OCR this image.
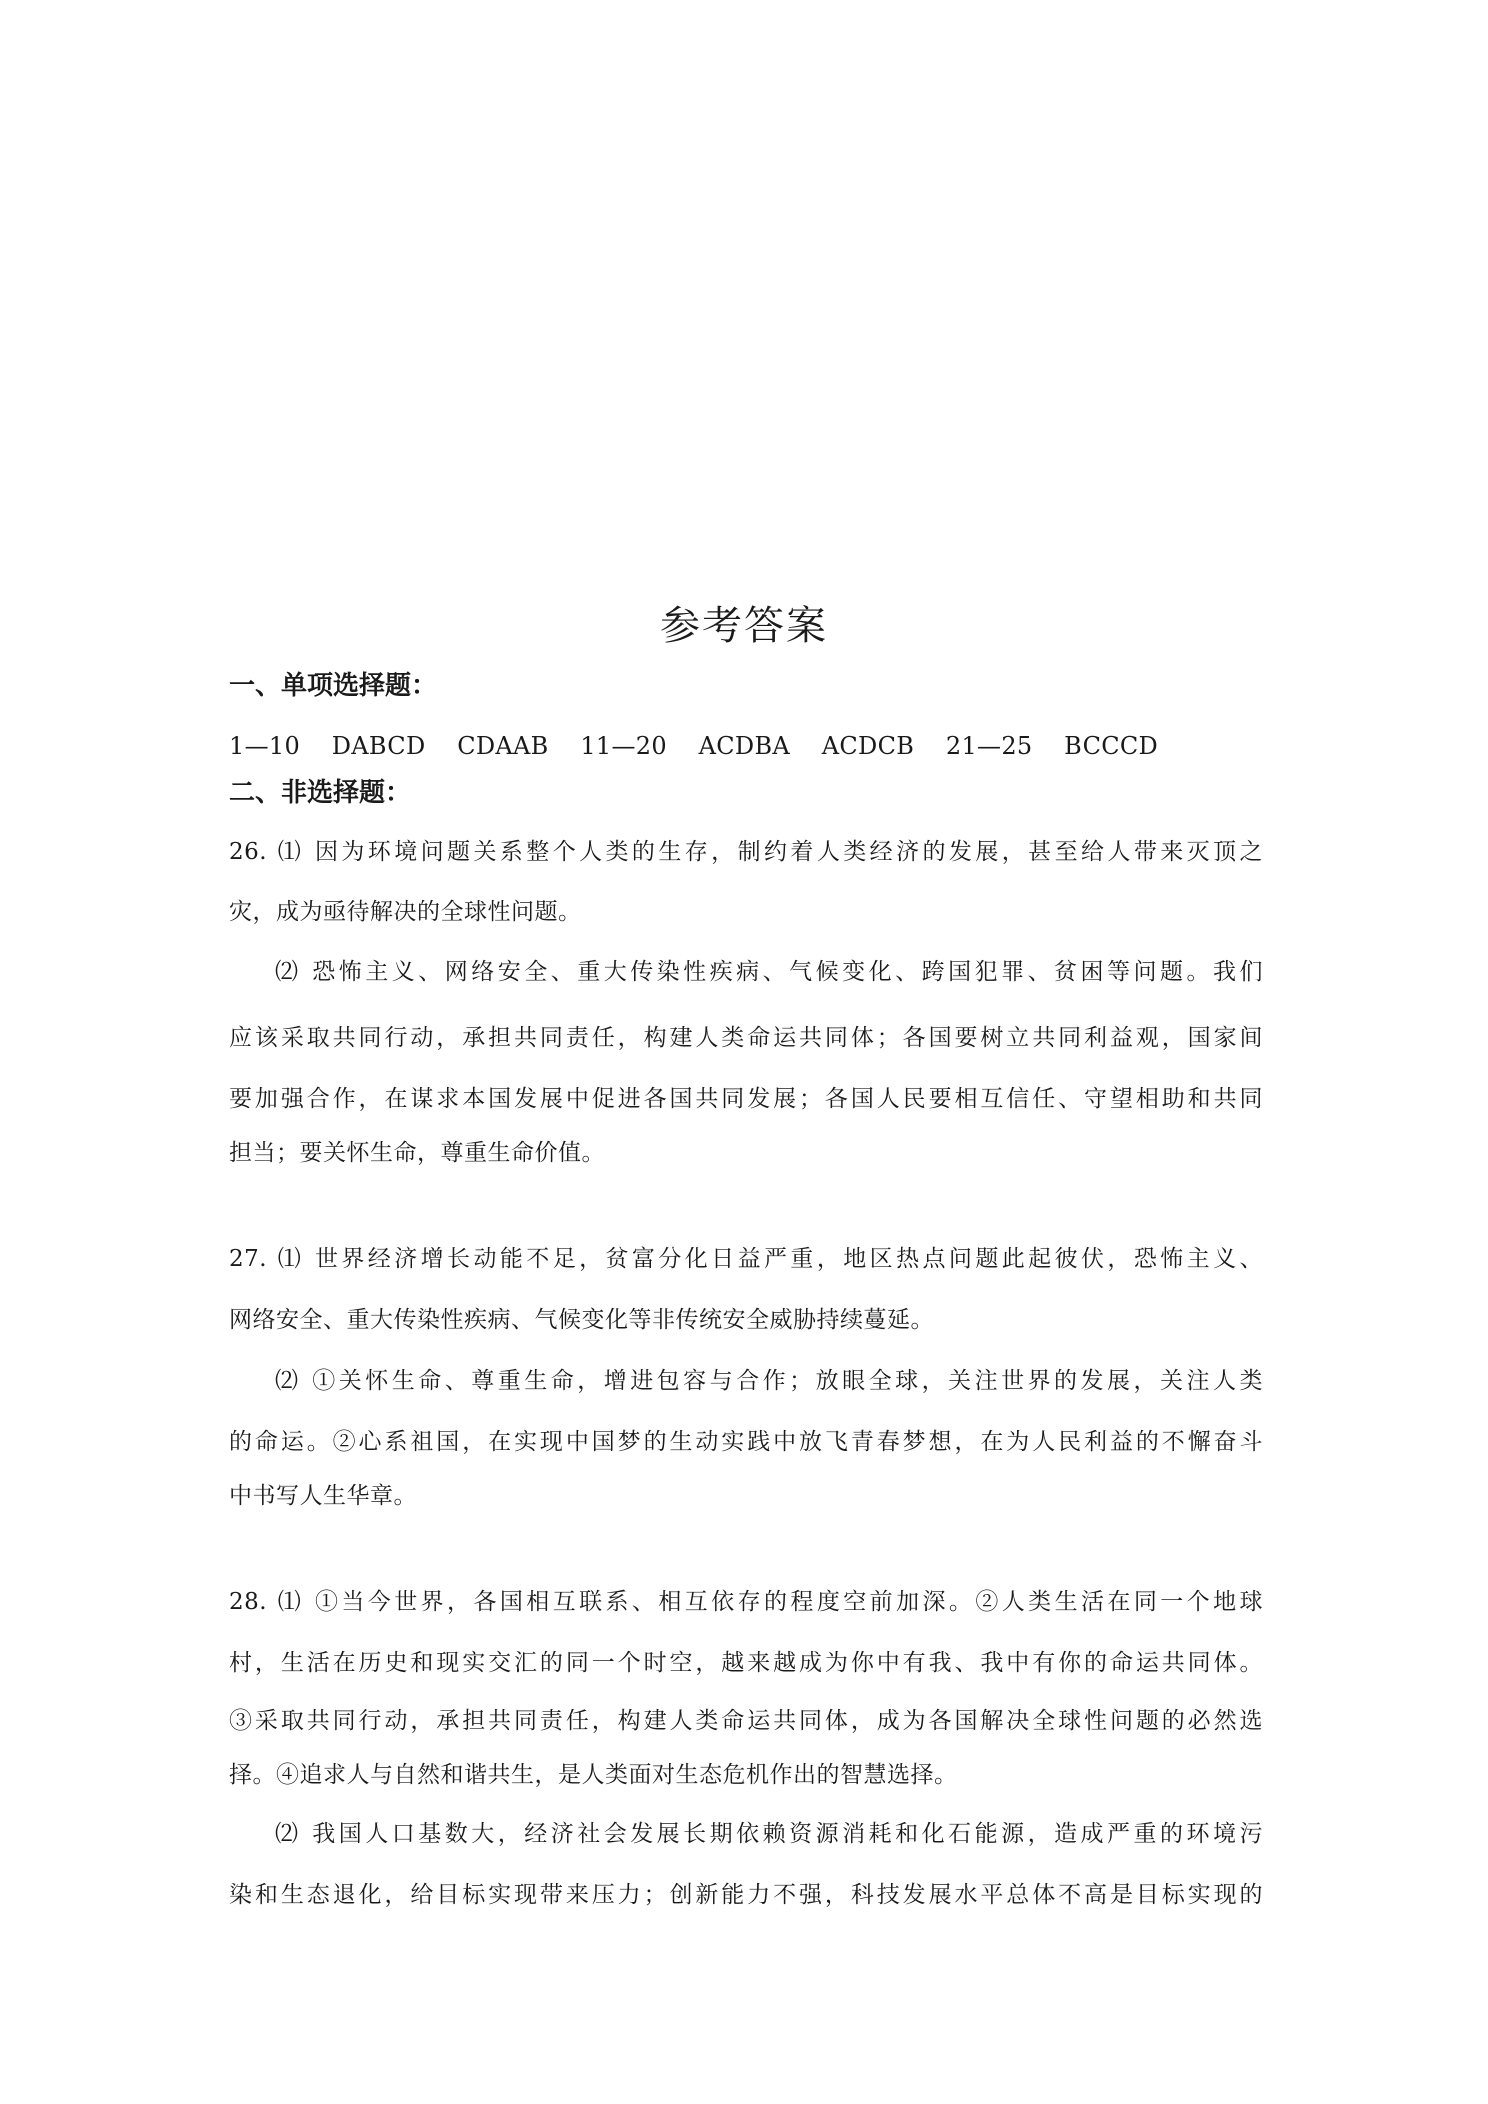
参考答案
一、单项选择题：
1—10    DABCD    CDAAB    11—20    ACDBA    ACDCB    21—25    BCCCD
二、非选择题：
26. ⑴ 因为环境问题关系整个人类的生存，制约着人类经济的发展，甚至给人带来灭顶之
灾，成为亟待解决的全球性问题。
⑵ 恐怖主义、网络安全、重大传染性疾病、气候变化、跨国犯罪、贫困等问题。我们
应该采取共同行动，承担共同责任，构建人类命运共同体；各国要树立共同利益观，国家间
要加强合作，在谋求本国发展中促进各国共同发展；各国人民要相互信任、守望相助和共同
担当；要关怀生命，尊重生命价值。
27. ⑴ 世界经济增长动能不足，贫富分化日益严重，地区热点问题此起彼伏，恐怖主义、
网络安全、重大传染性疾病、气候变化等非传统安全威胁持续蔓延。
⑵ ①关怀生命、尊重生命，增进包容与合作；放眼全球，关注世界的发展，关注人类
的命运。②心系祖国，在实现中国梦的生动实践中放飞青春梦想，在为人民利益的不懈奋斗
中书写人生华章。
28. ⑴ ①当今世界，各国相互联系、相互依存的程度空前加深。②人类生活在同一个地球
村，生活在历史和现实交汇的同一个时空，越来越成为你中有我、我中有你的命运共同体。
③采取共同行动，承担共同责任，构建人类命运共同体，成为各国解决全球性问题的必然选
择。④追求人与自然和谐共生，是人类面对生态危机作出的智慧选择。
⑵ 我国人口基数大，经济社会发展长期依赖资源消耗和化石能源，造成严重的环境污
染和生态退化，给目标实现带来压力；创新能力不强，科技发展水平总体不高是目标实现的
